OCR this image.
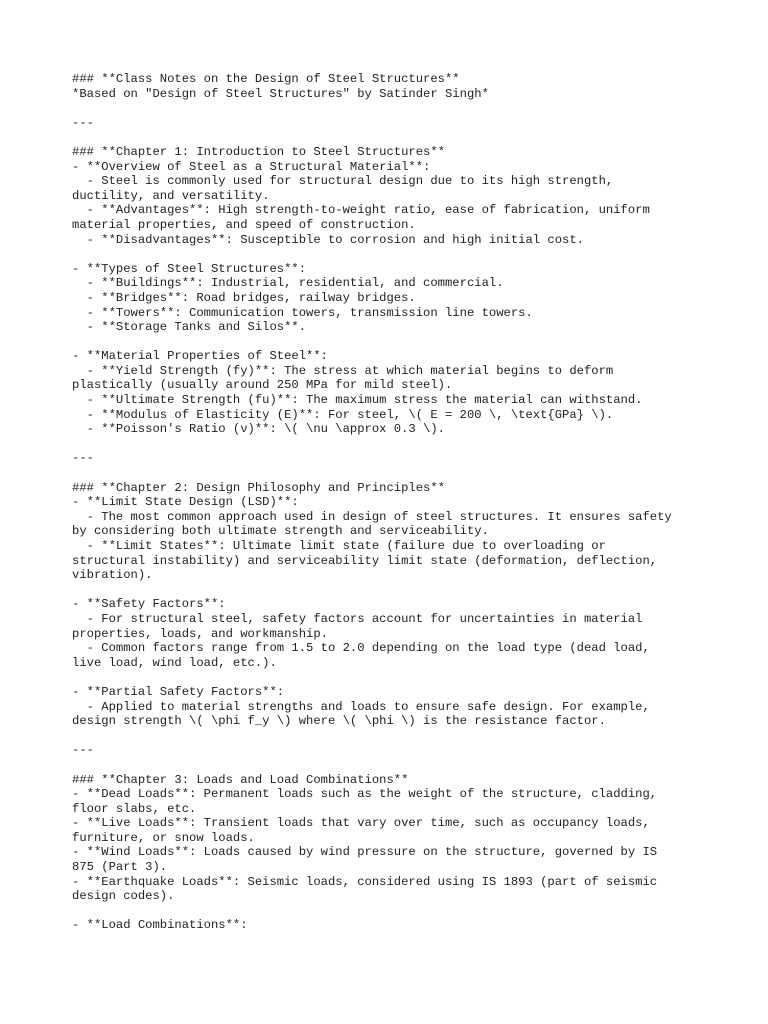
### **Class Notes on the Design of Steel Structures**
*Based on "Design of Steel Structures" by Satinder Singh*
---
### **Chapter 1: Introduction to Steel Structures**
- **Overview of Steel as a Structural Material**:
- Steel is commonly used for structural design due to its high strength,
ductility, and versatility.
- **Advantages**: High strength-to-weight ratio, ease of fabrication, uniform
material properties, and speed of construction.
- **Disadvantages**: Susceptible to corrosion and high initial cost.
- **Types of Steel Structures**:
- **Buildings**: Industrial, residential, and commercial.
- **Bridges**: Road bridges, railway bridges.
- **Towers**: Communication towers, transmission line towers.
- **Storage Tanks and Silos**.
- **Material Properties of Steel**:
- **Yield Strength (fy)**: The stress at which material begins to deform
plastically (usually around 250 MPa for mild steel).
- **Ultimate Strength (fu)**: The maximum stress the material can withstand.
- **Modulus of Elasticity (E)**: For steel, \( E = 200 \, \text{GPa} \).
- **Poisson's Ratio (ν)**: \( \nu \approx 0.3 \).
---
### **Chapter 2: Design Philosophy and Principles**
- **Limit State Design (LSD)**:
- The most common approach used in design of steel structures. It ensures safety
by considering both ultimate strength and serviceability.
- **Limit States**: Ultimate limit state (failure due to overloading or
structural instability) and serviceability limit state (deformation, deflection,
vibration).
- **Safety Factors**:
- For structural steel, safety factors account for uncertainties in material
properties, loads, and workmanship.
- Common factors range from 1.5 to 2.0 depending on the load type (dead load,
live load, wind load, etc.).
- **Partial Safety Factors**:
- Applied to material strengths and loads to ensure safe design. For example,
design strength \( \phi f_y \) where \( \phi \) is the resistance factor.
---
### **Chapter 3: Loads and Load Combinations**
- **Dead Loads**: Permanent loads such as the weight of the structure, cladding,
floor slabs, etc.
- **Live Loads**: Transient loads that vary over time, such as occupancy loads,
furniture, or snow loads.
- **Wind Loads**: Loads caused by wind pressure on the structure, governed by IS
875 (Part 3).
- **Earthquake Loads**: Seismic loads, considered using IS 1893 (part of seismic
design codes).
- **Load Combinations**:
